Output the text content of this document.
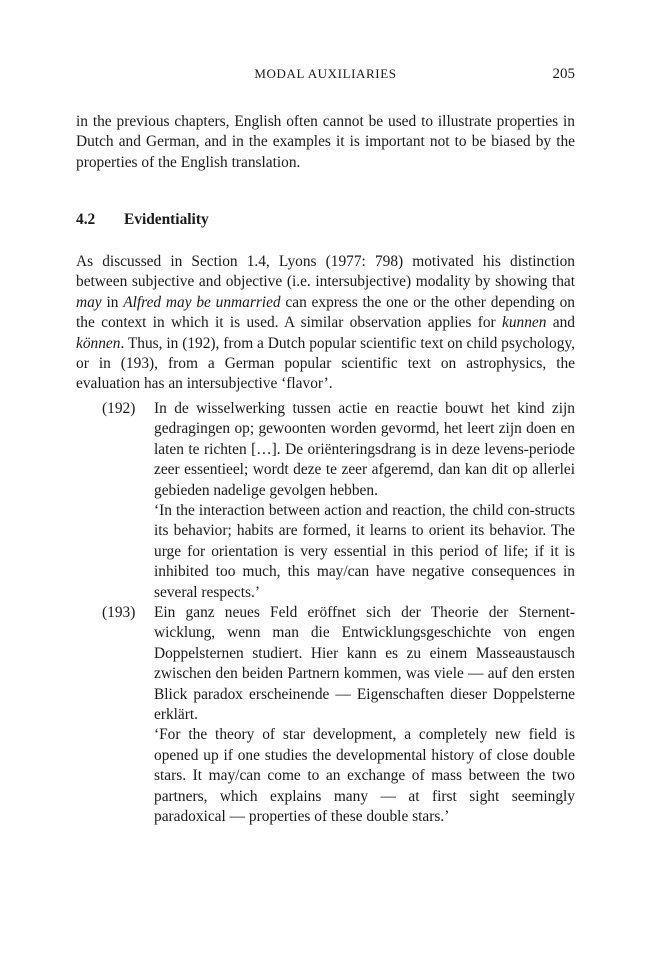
MODAL AUXILIARIES	205

in the previous chapters, English often cannot be used to illustrate properties in Dutch and German, and in the examples it is important not to be biased by the properties of the English translation.

4.2 Evidentiality

As discussed in Section 1.4, Lyons (1977: 798) motivated his distinction between subjective and objective (i.e. intersubjective) modality by showing that may in Alfred may be unmarried can express the one or the other depending on the context in which it is used. A similar observation applies for kunnen and können. Thus, in (192), from a Dutch popular scientific text on child psychology, or in (193), from a German popular scientific text on astrophysics, the evaluation has an intersubjective ‘flavor’.

(192) In de wisselwerking tussen actie en reactie bouwt het kind zijn gedragingen op; gewoonten worden gevormd, het leert zijn doen en laten te richten […]. De oriënteringsdrang is in deze levens-periode zeer essentieel; wordt deze te zeer afgeremd, dan kan dit op allerlei gebieden nadelige gevolgen hebben.

‘In the interaction between action and reaction, the child con-structs its behavior; habits are formed, it learns to orient its behavior. The urge for orientation is very essential in this period of life; if it is inhibited too much, this may/can have negative consequences in several respects.’

(193) Ein ganz neues Feld eröffnet sich der Theorie der Sternent-wicklung, wenn man die Entwicklungsgeschichte von engen Doppelsternen studiert. Hier kann es zu einem Masseaustausch zwischen den beiden Partnern kommen, was viele — auf den ersten Blick paradox erscheinende — Eigenschaften dieser Doppelsterne erklärt.

‘For the theory of star development, a completely new field is opened up if one studies the developmental history of close double stars. It may/can come to an exchange of mass between the two partners, which explains many — at first sight seemingly paradoxical — properties of these double stars.’
